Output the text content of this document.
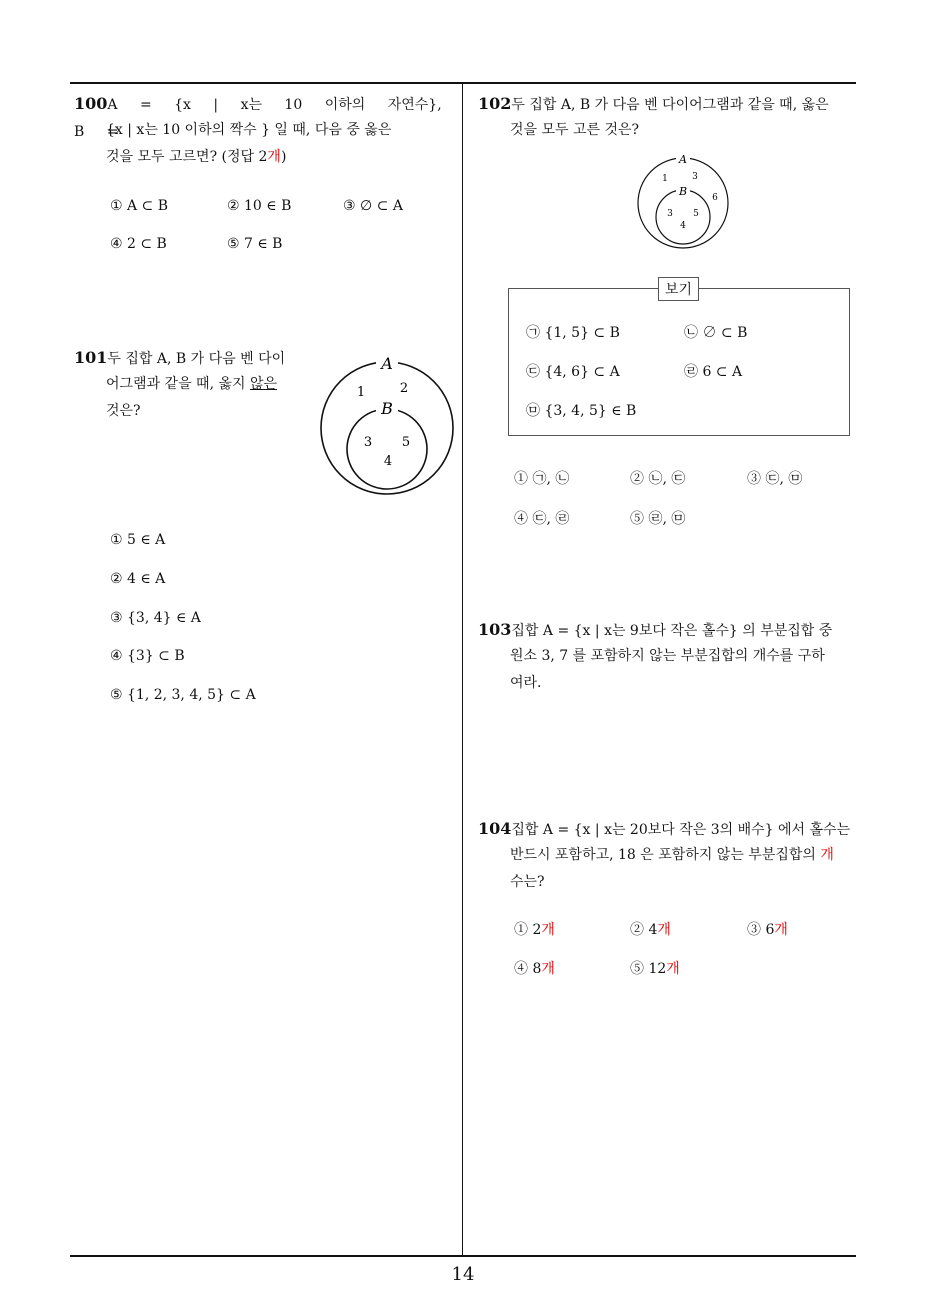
14
100A = {x | x는 10 이하의 자연수}, B =
{x | x는 10 이하의 짝수 } 일 때, 다음 중 옳은
것을 모두 고르면? (정답 2개)
① A ⊂ B	② 10 ∈ B	③ ∅ ⊂ A
④ 2 ⊂ B	⑤ 7 ∈ B
101두 집합 A, B 가 다음 벤 다이
어그램과 같을 때, 옳지 않은
것은?
A
B
1	2
3 5
4
① 5 ∈ A
② 4 ∈ A
③ {3, 4} ∈ A
④ {3} ⊂ B
⑤ {1, 2, 3, 4, 5} ⊂ A
102두 집합 A, B 가 다음 벤 다이어그램과 같을 때, 옳은
것을 모두 고른 것은?
A
B
1	3
6
3 5
4
보기
㉠ {1, 5} ⊂ B	㉡ ∅ ⊂ B
㉢ {4, 6} ⊂ A	㉣ 6 ⊂ A
㉤ {3, 4, 5} ∈ B
① ㉠, ㉡	② ㉡, ㉢	③ ㉢, ㉤
④ ㉢, ㉣	⑤ ㉣, ㉤
103집합 A = {x | x는 9보다 작은 홀수} 의 부분집합 중
원소 3, 7 를 포함하지 않는 부분집합의 개수를 구하
여라.
104집합 A = {x | x는 20보다 작은 3의 배수} 에서 홀수는
반드시 포함하고, 18 은 포함하지 않는 부분집합의 개
수는?
① 2개	② 4개	③ 6개
④ 8개	⑤ 12개
